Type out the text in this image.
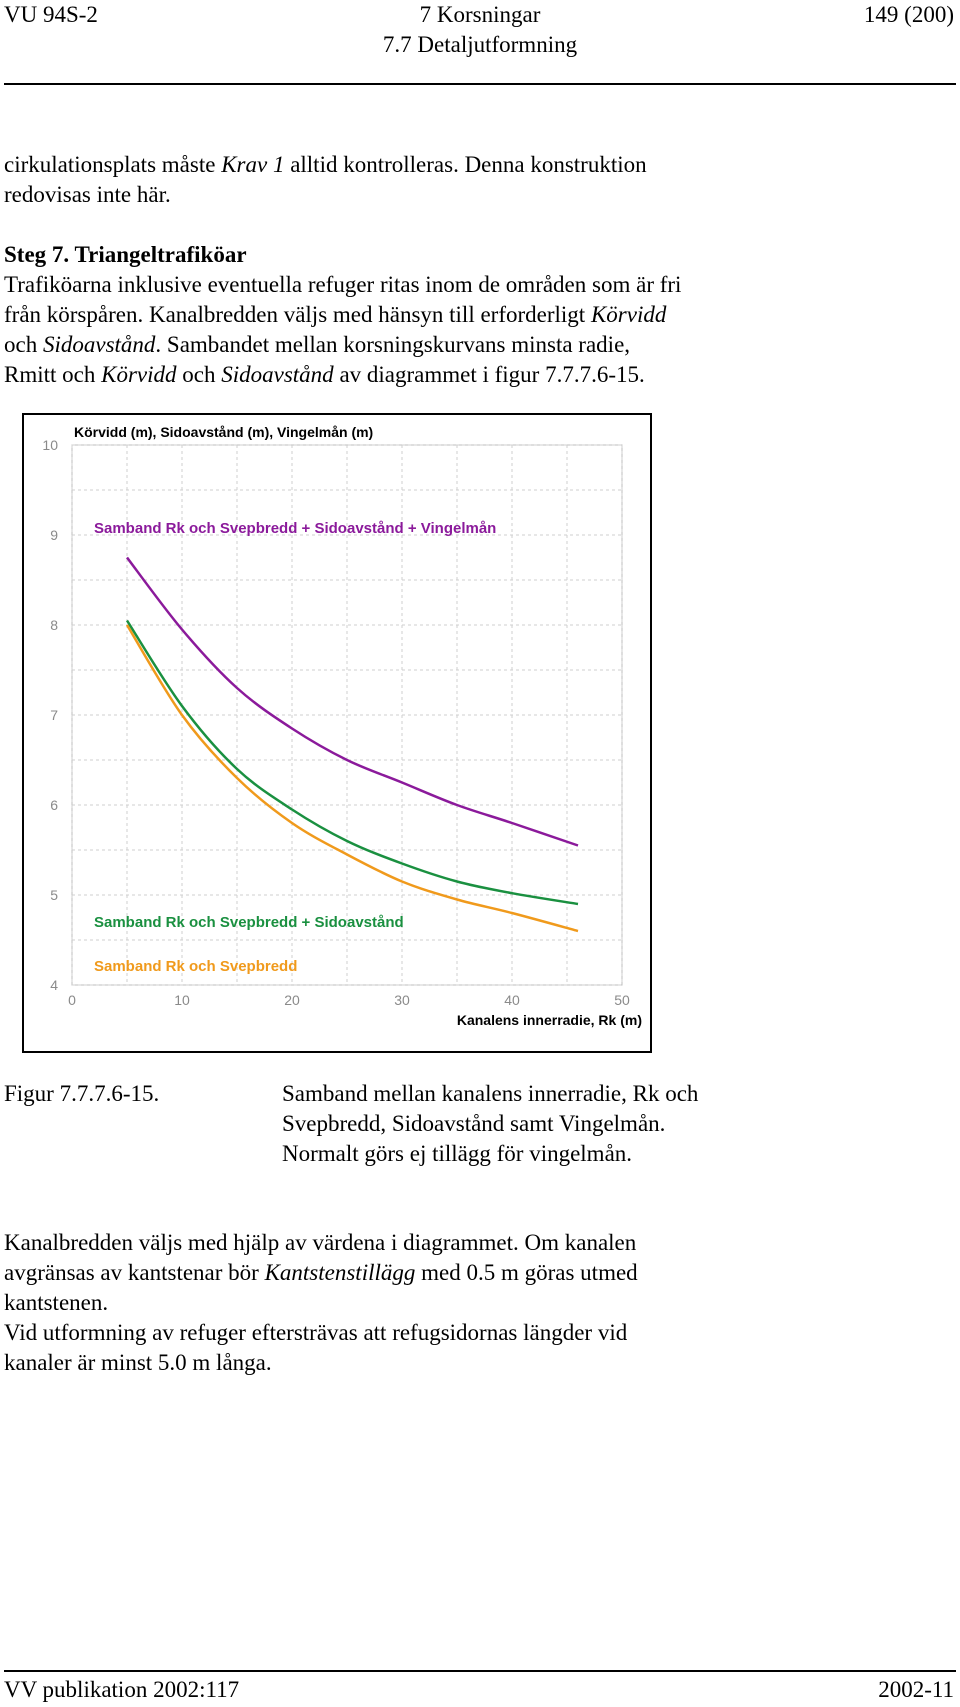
VU 94S-2	7 Korsningar
7.7 Detaljutformning
149 (200)

cirkulationsplats måste Krav 1 alltid kontrolleras. Denna konstruktion

redovisas inte här.

Steg 7. Triangeltrafiköar

Trafiköarna inklusive eventuella refuger ritas inom de områden som är fri

från körspåren. Kanalbredden väljs med hänsyn till erforderligt Körvidd

och Sidoavstånd. Sambandet mellan korsningskurvans minsta radie,

Rmitt och Körvidd och Sidoavstånd av diagrammet i figur 7.7.7.6-15.

4
5
6
7
8
9
10
0	10	20	30	40	50
Körvidd (m), Sidoavstånd (m), Vingelmån (m)
Kanalens innerradie, Rk (m)
Samband Rk och Svepbredd + Sidoavstånd + Vingelmån
Samband Rk och Svepbredd + Sidoavstånd
Samband Rk och Svepbredd
Figur 7.7.7.6-15.	Samband mellan kanalens innerradie, Rk och

Svepbredd, Sidoavstånd samt Vingelmån.

Normalt görs ej tillägg för vingelmån.

Kanalbredden väljs med hjälp av värdena i diagrammet. Om kanalen

avgränsas av kantstenar bör Kantstenstillägg med 0.5 m göras utmed

kantstenen.

Vid utformning av refuger eftersträvas att refugsidornas längder vid

kanaler är minst 5.0 m långa.

VV publikation 2002:117	2002-11
